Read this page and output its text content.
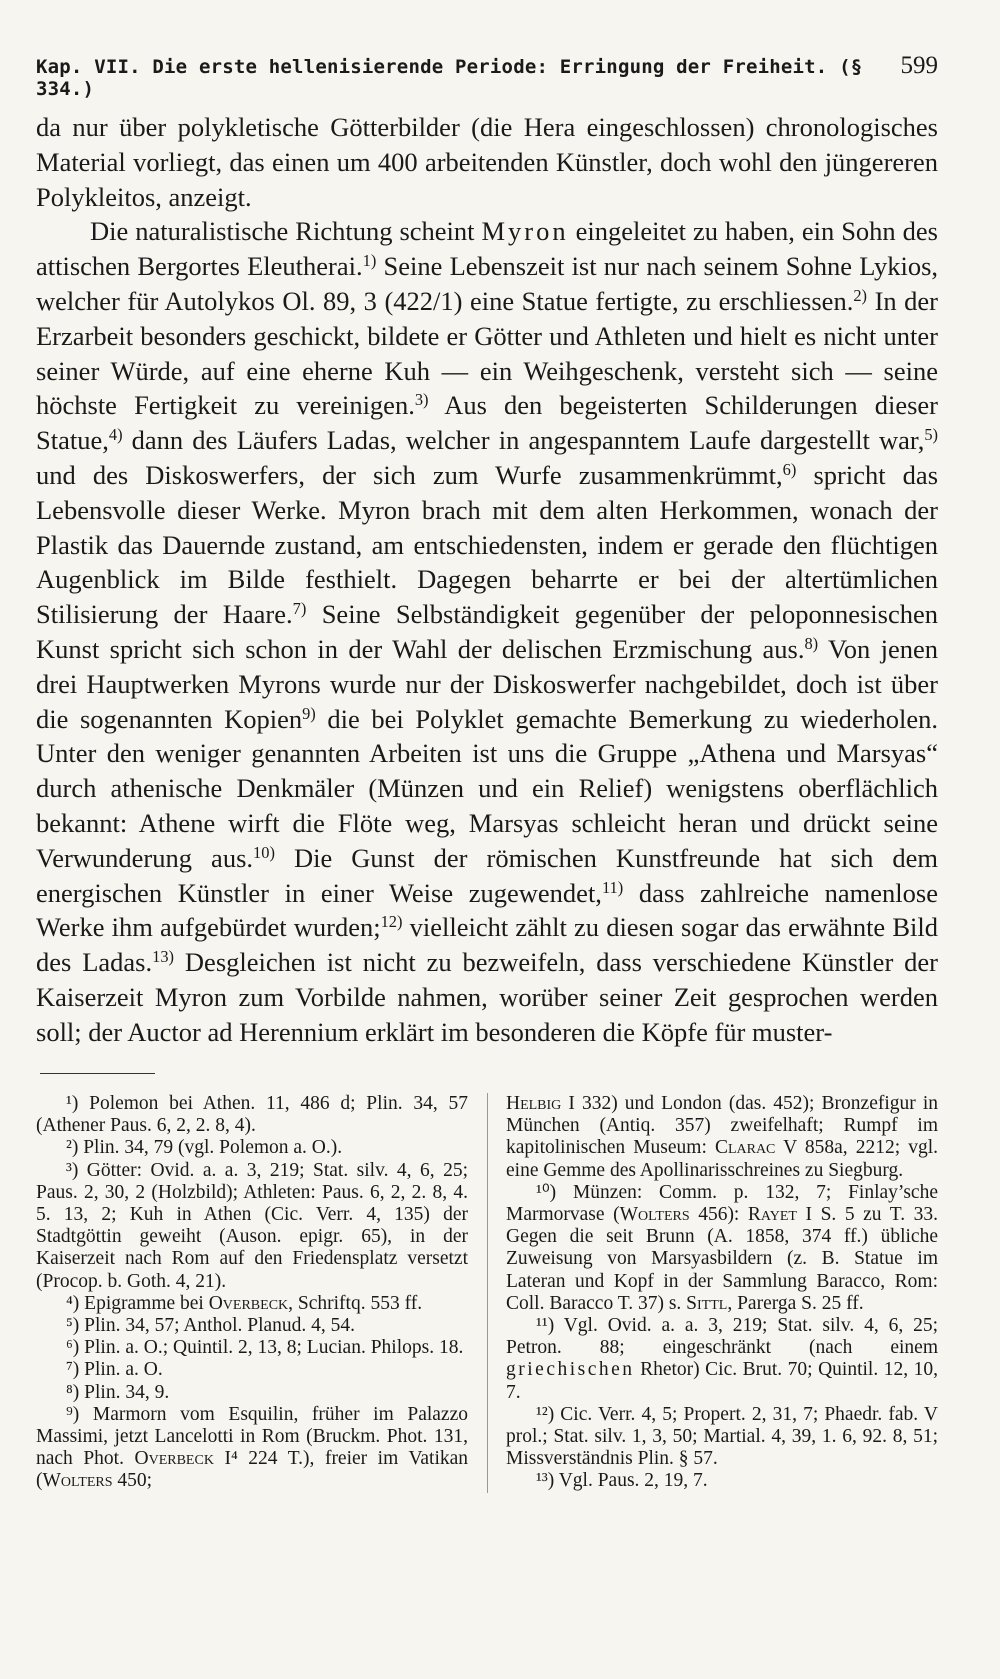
Kap. VII. Die erste hellenisierende Periode: Erringung der Freiheit. (§ 334.)
599

da nur über polykletische Götterbilder (die Hera eingeschlossen) chronologisches Material vorliegt, das einen um 400 arbeitenden Künstler, doch wohl den jüngereren Polykleitos, anzeigt.

Die naturalistische Richtung scheint Myron eingeleitet zu haben, ein Sohn des attischen Bergortes Eleutherai.$^{1)}$ Seine Lebenszeit ist nur nach seinem Sohne Lykios, welcher für Autolykos Ol. 89, 3 (422/1) eine Statue fertigte, zu erschliessen.$^{2)}$ In der Erzarbeit besonders geschickt, bildete er Götter und Athleten und hielt es nicht unter seiner Würde, auf eine eherne Kuh — ein Weihgeschenk, versteht sich — seine höchste Fertigkeit zu vereinigen.$^{3)}$ Aus den begeisterten Schilderungen dieser Statue,$^{4)}$ dann des Läufers Ladas, welcher in angespanntem Laufe dargestellt war,$^{5)}$ und des Diskoswerfers, der sich zum Wurfe zusammenkrümmt,$^{6)}$ spricht das Lebensvolle dieser Werke. Myron brach mit dem alten Herkommen, wonach der Plastik das Dauernde zustand, am entschiedensten, indem er gerade den flüchtigen Augenblick im Bilde festhielt. Dagegen beharrte er bei der altertümlichen Stilisierung der Haare.$^{7)}$ Seine Selbständigkeit gegenüber der peloponnesischen Kunst spricht sich schon in der Wahl der delischen Erzmischung aus.$^{8)}$ Von jenen drei Hauptwerken Myrons wurde nur der Diskoswerfer nachgebildet, doch ist über die sogenannten Kopien$^{9)}$ die bei Polyklet gemachte Bemerkung zu wiederholen. Unter den weniger genannten Arbeiten ist uns die Gruppe „Athena und Marsyas“ durch athenische Denkmäler (Münzen und ein Relief) wenigstens oberflächlich bekannt: Athene wirft die Flöte weg, Marsyas schleicht heran und drückt seine Verwunderung aus.$^{10)}$ Die Gunst der römischen Kunstfreunde hat sich dem energischen Künstler in einer Weise zugewendet,$^{11)}$ dass zahlreiche namenlose Werke ihm aufgebürdet wurden;$^{12)}$ vielleicht zählt zu diesen sogar das erwähnte Bild des Ladas.$^{13)}$ Desgleichen ist nicht zu bezweifeln, dass verschiedene Künstler der Kaiserzeit Myron zum Vorbilde nahmen, worüber seiner Zeit gesprochen werden soll; der Auctor ad Herennium erklärt im besonderen die Köpfe für muster-

¹) Polemon bei Athen. 11, 486 d; Plin. 34, 57 (Athener Paus. 6, 2, 2. 8, 4).

²) Plin. 34, 79 (vgl. Polemon a. O.).

³) Götter: Ovid. a. a. 3, 219; Stat. silv. 4, 6, 25; Paus. 2, 30, 2 (Holzbild); Athleten: Paus. 6, 2, 2. 8, 4. 5. 13, 2; Kuh in Athen (Cic. Verr. 4, 135) der Stadtgöttin geweiht (Auson. epigr. 65), in der Kaiserzeit nach Rom auf den Friedensplatz versetzt (Procop. b. Goth. 4, 21).

⁴) Epigramme bei Overbeck, Schriftq. 553 ff.

⁵) Plin. 34, 57; Anthol. Planud. 4, 54.

⁶) Plin. a. O.; Quintil. 2, 13, 8; Lucian. Philops. 18.

⁷) Plin. a. O.

⁸) Plin. 34, 9.

⁹) Marmorn vom Esquilin, früher im Palazzo Massimi, jetzt Lancelotti in Rom (Bruckm. Phot. 131, nach Phot. Overbeck I⁴ 224 T.), freier im Vatikan (Wolters 450;

Helbig I 332) und London (das. 452); Bronzefigur in München (Antiq. 357) zweifelhaft; Rumpf im kapitolinischen Museum: Clarac V 858a, 2212; vgl. eine Gemme des Apollinarisschreines zu Siegburg.

¹⁰) Münzen: Comm. p. 132, 7; Finlay’sche Marmorvase (Wolters 456): Rayet I S. 5 zu T. 33. Gegen die seit Brunn (A. 1858, 374 ff.) übliche Zuweisung von Marsyasbildern (z. B. Statue im Lateran und Kopf in der Sammlung Baracco, Rom: Coll. Baracco T. 37) s. Sittl, Parerga S. 25 ff.

¹¹) Vgl. Ovid. a. a. 3, 219; Stat. silv. 4, 6, 25; Petron. 88; eingeschränkt (nach einem griechischen Rhetor) Cic. Brut. 70; Quintil. 12, 10, 7.

¹²) Cic. Verr. 4, 5; Propert. 2, 31, 7; Phaedr. fab. V prol.; Stat. silv. 1, 3, 50; Martial. 4, 39, 1. 6, 92. 8, 51; Missverständnis Plin. § 57.

¹³) Vgl. Paus. 2, 19, 7.
